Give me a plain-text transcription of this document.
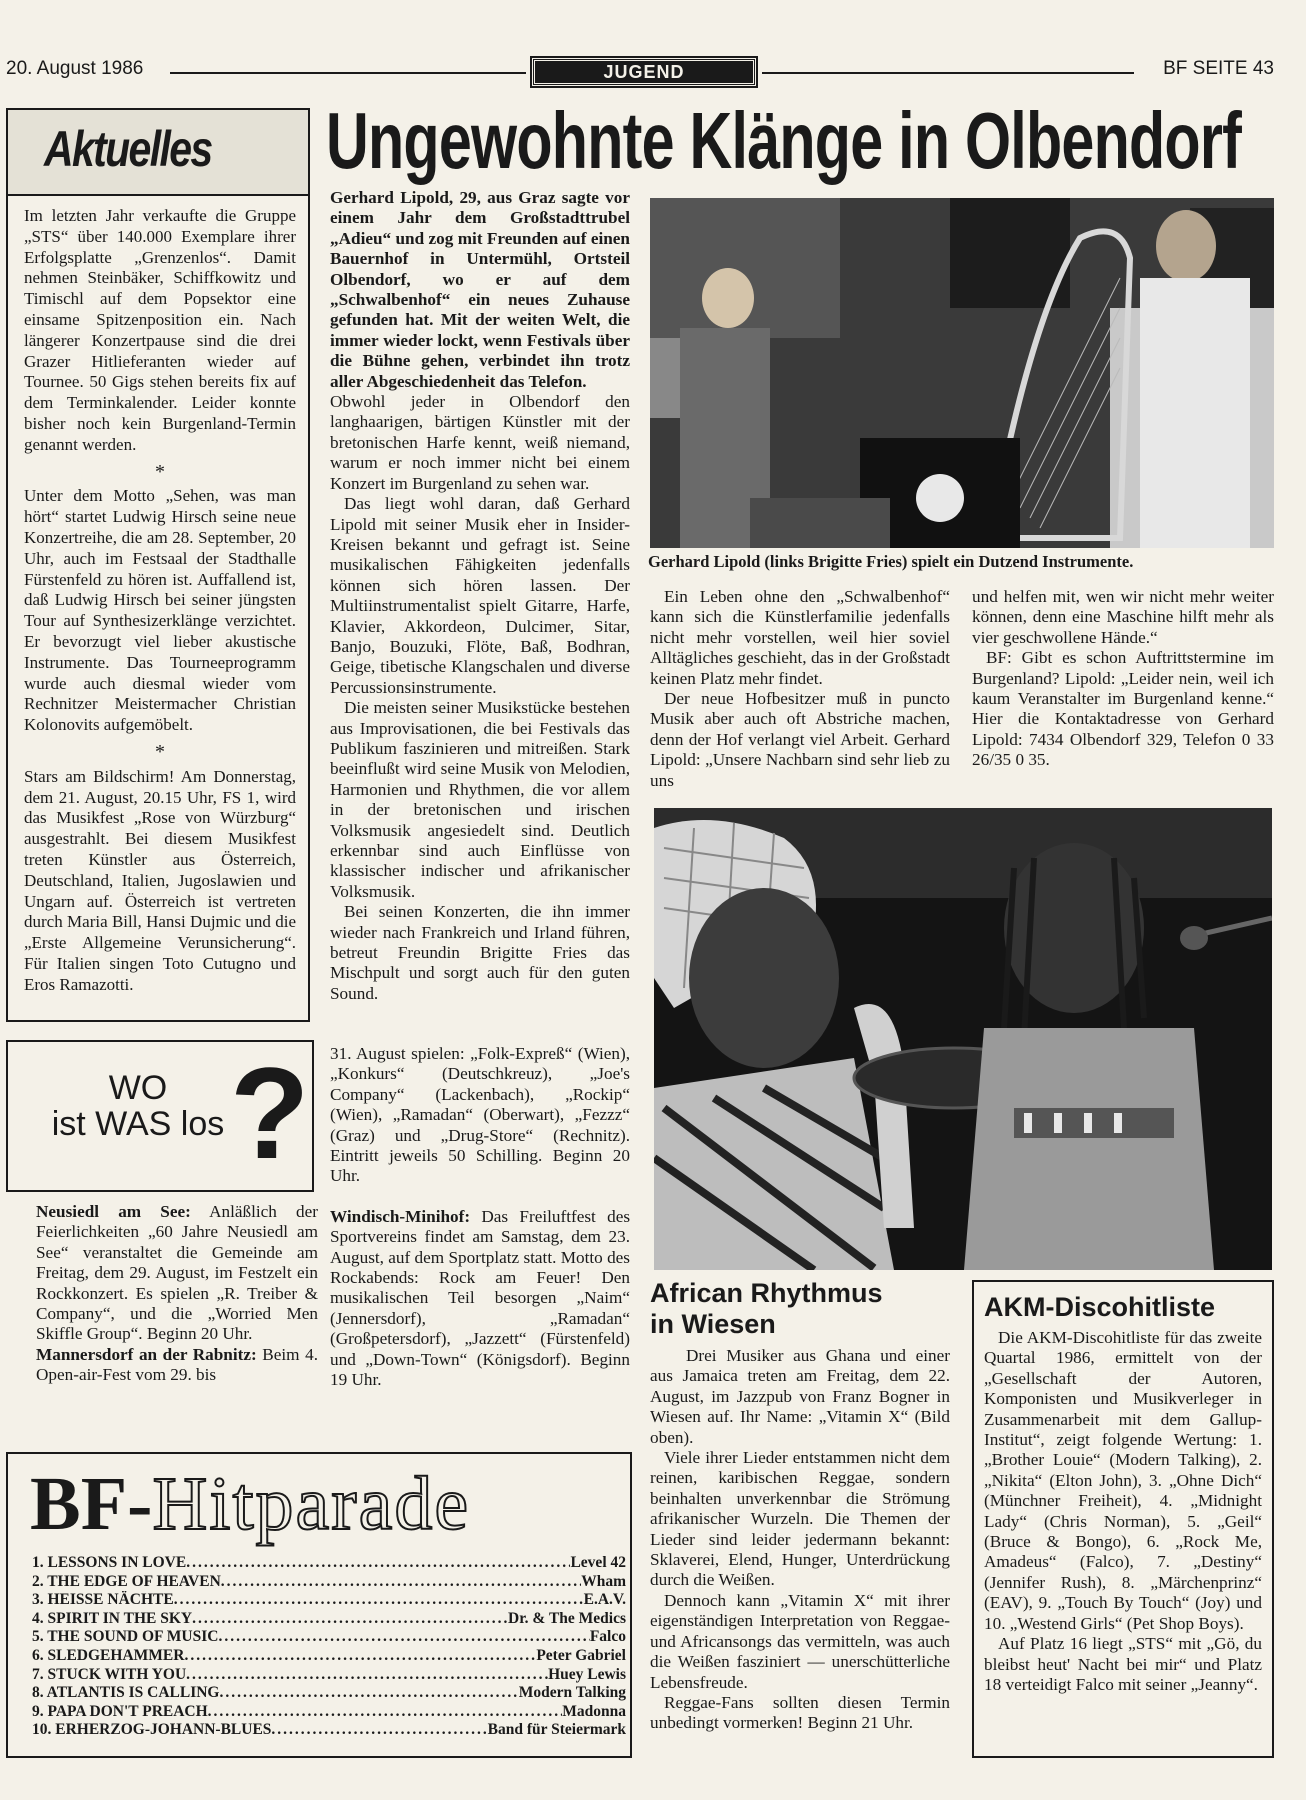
20. August 1986	JUGEND	BF SEITE 43
Aktuelles

Im letzten Jahr verkaufte die Gruppe „STS“ über 140.000 Exemplare ihrer Erfolgsplatte „Grenzenlos“. Damit nehmen Steinbäker, Schiffkowitz und Timischl auf dem Popsektor eine einsame Spitzenposition ein. Nach längerer Konzertpause sind die drei Grazer Hitlieferanten wieder auf Tournee. 50 Gigs stehen bereits fix auf dem Terminkalender. Leider konnte bisher noch kein Burgenland-Termin genannt werden.

*

Unter dem Motto „Sehen, was man hört“ startet Ludwig Hirsch seine neue Konzertreihe, die am 28. September, 20 Uhr, auch im Festsaal der Stadthalle Fürstenfeld zu hören ist. Auffallend ist, daß Ludwig Hirsch bei seiner jüngsten Tour auf Synthesizerklänge verzichtet. Er bevorzugt viel lieber akustische Instrumente. Das Tourneeprogramm wurde auch diesmal wieder vom Rechnitzer Meistermacher Christian Kolonovits aufgemöbelt.

*

Stars am Bildschirm! Am Donnerstag, dem 21. August, 20.15 Uhr, FS 1, wird das Musikfest „Rose von Würzburg“ ausgestrahlt. Bei diesem Musikfest treten Künstler aus Österreich, Deutschland, Italien, Jugoslawien und Ungarn auf. Österreich ist vertreten durch Maria Bill, Hansi Dujmic und die „Erste Allgemeine Verunsicherung“. Für Italien singen Toto Cutugno und Eros Ramazotti.

Ungewohnte Klänge in Olbendorf

Gerhard Lipold, 29, aus Graz sagte vor einem Jahr dem Großstadttrubel „Adieu“ und zog mit Freunden auf einen Bauernhof in Untermühl, Ortsteil Olbendorf, wo er auf dem „Schwalbenhof“ ein neues Zuhause gefunden hat. Mit der weiten Welt, die immer wieder lockt, wenn Festivals über die Bühne gehen, verbindet ihn trotz aller Abgeschiedenheit das Telefon.

Obwohl jeder in Olbendorf den langhaarigen, bärtigen Künstler mit der bretonischen Harfe kennt, weiß niemand, warum er noch immer nicht bei einem Konzert im Burgenland zu sehen war.

Das liegt wohl daran, daß Gerhard Lipold mit seiner Musik eher in Insider-Kreisen bekannt und gefragt ist. Seine musikalischen Fähigkeiten jedenfalls können sich hören lassen. Der Multiinstrumentalist spielt Gitarre, Harfe, Klavier, Akkordeon, Dulcimer, Sitar, Banjo, Bouzuki, Flöte, Baß, Bodhran, Geige, tibetische Klangschalen und diverse Percussionsinstrumente.

Die meisten seiner Musikstücke bestehen aus Improvisationen, die bei Festivals das Publikum faszinieren und mitreißen. Stark beeinflußt wird seine Musik von Melodien, Harmonien und Rhythmen, die vor allem in der bretonischen und irischen Volksmusik angesiedelt sind. Deutlich erkennbar sind auch Einflüsse von klassischer indischer und afrikanischer Volksmusik.

Bei seinen Konzerten, die ihn immer wieder nach Frankreich und Irland führen, betreut Freundin Brigitte Fries das Mischpult und sorgt auch für den guten Sound.

Gerhard Lipold (links Brigitte Fries) spielt ein Dutzend Instrumente.

Ein Leben ohne den „Schwalbenhof“ kann sich die Künstlerfamilie jedenfalls nicht mehr vorstellen, weil hier soviel Alltägliches geschieht, das in der Großstadt keinen Platz mehr findet.

Der neue Hofbesitzer muß in puncto Musik aber auch oft Abstriche machen, denn der Hof verlangt viel Arbeit. Gerhard Lipold: „Unsere Nachbarn sind sehr lieb zu uns

und helfen mit, wen wir nicht mehr weiter können, denn eine Maschine hilft mehr als vier geschwollene Hände.“

BF: Gibt es schon Auftrittstermine im Burgenland? Lipold: „Leider nein, weil ich kaum Veranstalter im Burgenland kenne.“ Hier die Kontaktadresse von Gerhard Lipold: 7434 Olbendorf 329, Telefon 0 33 26/35 0 35.

WO
ist WAS los ?

Neusiedl am See: Anläßlich der Feierlichkeiten „60 Jahre Neusiedl am See“ veranstaltet die Gemeinde am Freitag, dem 29. August, im Festzelt ein Rockkonzert. Es spielen „R. Treiber & Company“, und die „Worried Men Skiffle Group“. Beginn 20 Uhr.

Mannersdorf an der Rabnitz: Beim 4. Open-air-Fest vom 29. bis

31. August spielen: „Folk-Expreß“ (Wien), „Konkurs“ (Deutschkreuz), „Joe's Company“ (Lackenbach), „Rockip“ (Wien), „Ramadan“ (Oberwart), „Fezzz“ (Graz) und „Drug-Store“ (Rechnitz). Eintritt jeweils 50 Schilling. Beginn 20 Uhr.

Windisch-Minihof: Das Freiluftfest des Sportvereins findet am Samstag, dem 23. August, auf dem Sportplatz statt. Motto des Rockabends: Rock am Feuer! Den musikalischen Teil besorgen „Naim“ (Jennersdorf), „Ramadan“ (Großpetersdorf), „Jazzett“ (Fürstenfeld) und „Down-Town“ (Königsdorf). Beginn 19 Uhr.

BF-Hitparade
1. LESSONS IN LOVE .....	Level 42
2. THE EDGE OF HEAVEN .....	Wham
3. HEISSE NÄCHTE .....	E.A.V.
4. SPIRIT IN THE SKY .....	Dr. & The Medics
5. THE SOUND OF MUSIC .....	Falco
6. SLEDGEHAMMER .....	Peter Gabriel
7. STUCK WITH YOU .....	Huey Lewis
8. ATLANTIS IS CALLING .....	Modern Talking
9. PAPA DON'T PREACH .....	Madonna
10. ERHERZOG-JOHANN-BLUES .....	Band für Steiermark
African Rhythmus in Wiesen

Drei Musiker aus Ghana und einer aus Jamaica treten am Freitag, dem 22. August, im Jazzpub von Franz Bogner in Wiesen auf. Ihr Name: „Vitamin X“ (Bild oben).

Viele ihrer Lieder entstammen nicht dem reinen, karibischen Reggae, sondern beinhalten unverkennbar die Strömung afrikanischer Wurzeln. Die Themen der Lieder sind leider jedermann bekannt: Sklaverei, Elend, Hunger, Unterdrückung durch die Weißen.

Dennoch kann „Vitamin X“ mit ihrer eigenständigen Interpretation von Reggae- und Africansongs das vermitteln, was auch die Weißen fasziniert — unerschütterliche Lebensfreude.

Reggae-Fans sollten diesen Termin unbedingt vormerken! Beginn 21 Uhr.

AKM-Discohitliste

Die AKM-Discohitliste für das zweite Quartal 1986, ermittelt von der „Gesellschaft der Autoren, Komponisten und Musikverleger in Zusammenarbeit mit dem Gallup-Institut“, zeigt folgende Wertung: 1. „Brother Louie“ (Modern Talking), 2. „Nikita“ (Elton John), 3. „Ohne Dich“ (Münchner Freiheit), 4. „Midnight Lady“ (Chris Norman), 5. „Geil“ (Bruce & Bongo), 6. „Rock Me, Amadeus“ (Falco), 7. „Destiny“ (Jennifer Rush), 8. „Märchenprinz“ (EAV), 9. „Touch By Touch“ (Joy) und 10. „Westend Girls“ (Pet Shop Boys).

Auf Platz 16 liegt „STS“ mit „Gö, du bleibst heut' Nacht bei mir“ und Platz 18 verteidigt Falco mit seiner „Jeanny“.
